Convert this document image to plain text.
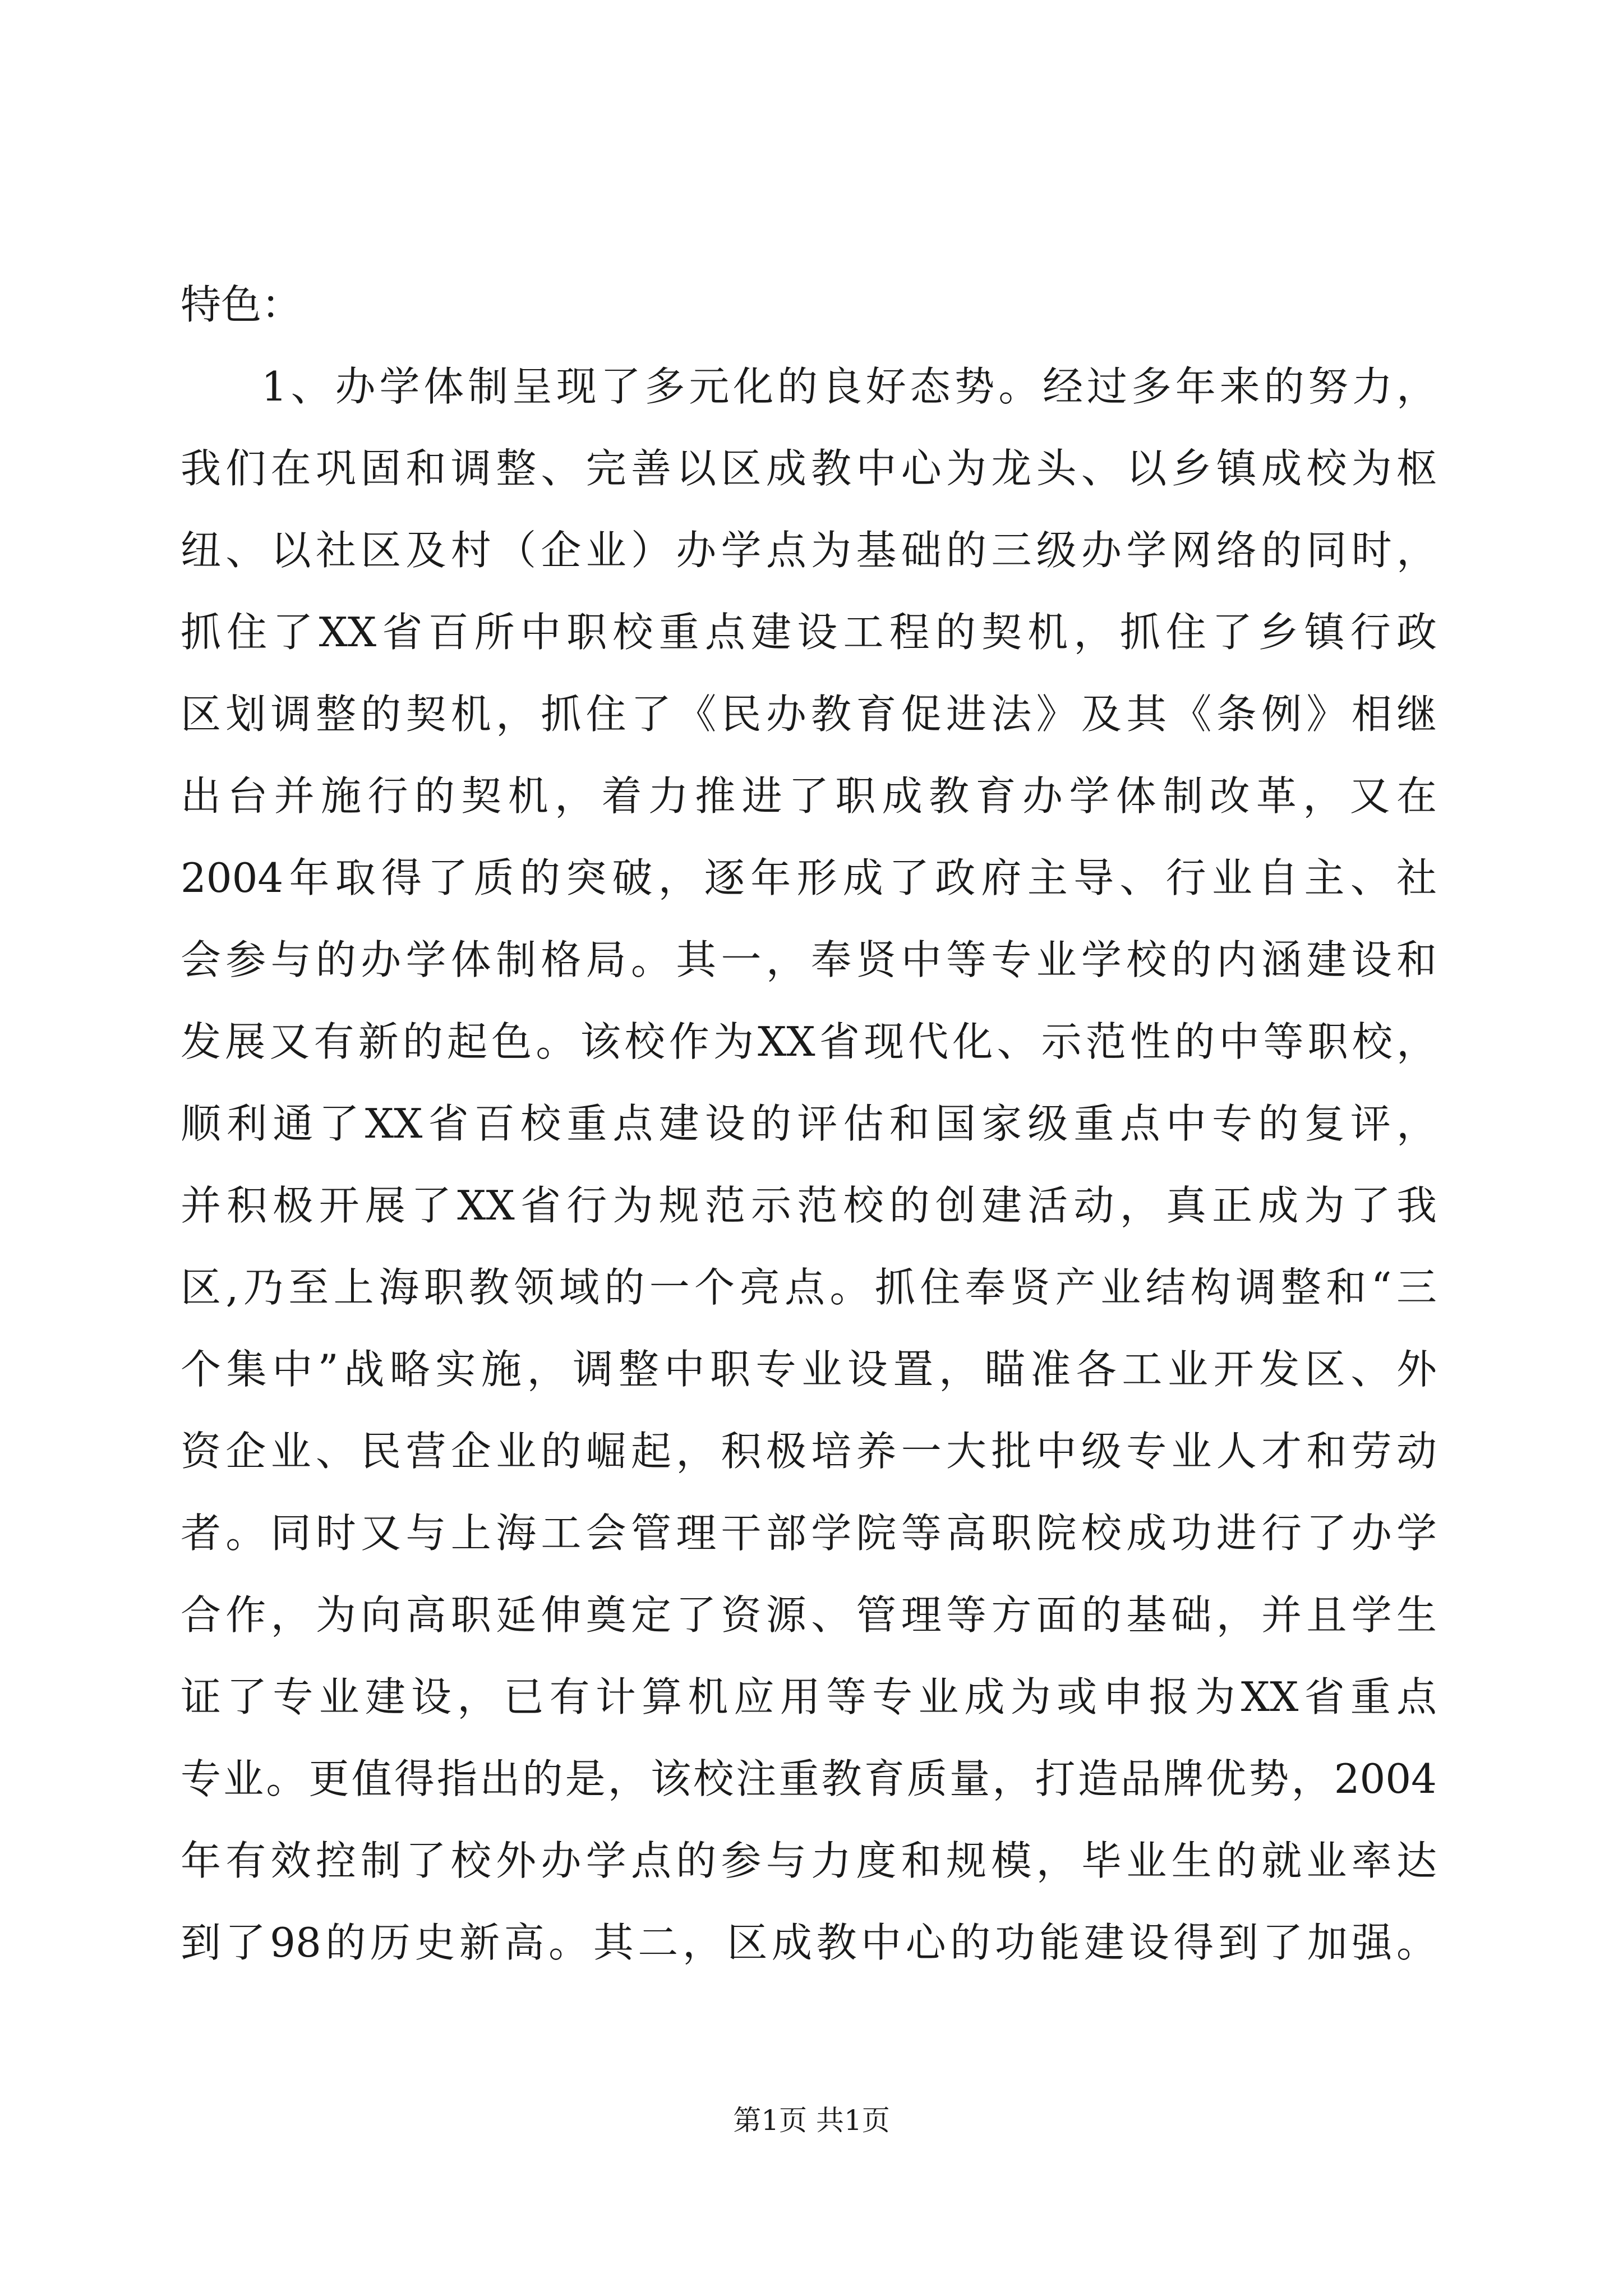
特色：
1、办学体制呈现了多元化的良好态势。经过多年来的努力，
我们在巩固和调整、完善以区成教中心为龙头、以乡镇成校为枢
纽、以社区及村（企业）办学点为基础的三级办学网络的同时，
抓住了XX省百所中职校重点建设工程的契机，抓住了乡镇行政
区划调整的契机，抓住了《民办教育促进法》及其《条例》相继
出台并施行的契机，着力推进了职成教育办学体制改革，又在
2004年取得了质的突破，逐年形成了政府主导、行业自主、社
会参与的办学体制格局。其一，奉贤中等专业学校的内涵建设和
发展又有新的起色。该校作为XX省现代化、示范性的中等职校，
顺利通了XX省百校重点建设的评估和国家级重点中专的复评，
并积极开展了XX省行为规范示范校的创建活动，真正成为了我
区,乃至上海职教领域的一个亮点。抓住奉贤产业结构调整和“三
个集中”战略实施，调整中职专业设置，瞄准各工业开发区、外
资企业、民营企业的崛起，积极培养一大批中级专业人才和劳动
者。同时又与上海工会管理干部学院等高职院校成功进行了办学
合作，为向高职延伸奠定了资源、管理等方面的基础，并且学生
证了专业建设，已有计算机应用等专业成为或申报为XX省重点
专业。更值得指出的是，该校注重教育质量，打造品牌优势，2004
年有效控制了校外办学点的参与力度和规模，毕业生的就业率达
到了98的历史新高。其二，区成教中心的功能建设得到了加强。
第1页 共1页
